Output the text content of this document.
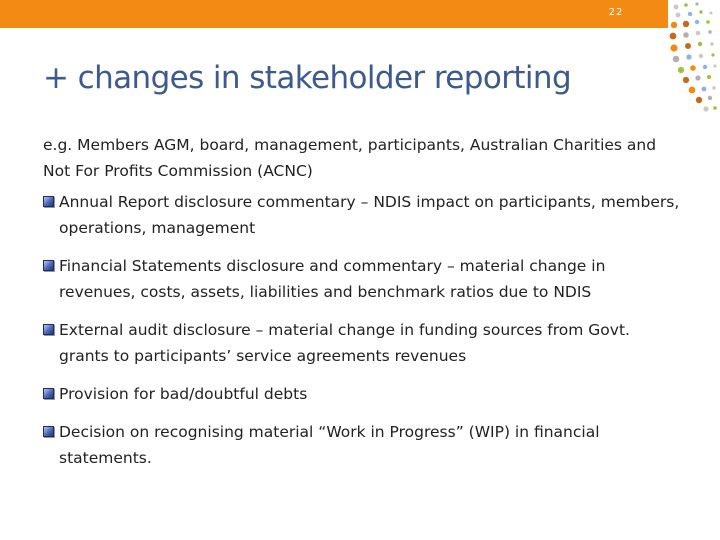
22
+ changes in stakeholder reporting

e.g. Members AGM, board, management, participants, Australian Charities and Not For Profits Commission (ACNC)

Annual Report disclosure commentary – NDIS impact on participants, members, operations, management
Financial Statements disclosure and commentary – material change in revenues, costs, assets, liabilities and benchmark ratios due to NDIS
External audit disclosure – material change in funding sources from Govt. grants to participants’ service agreements revenues
Provision for bad/doubtful debts
Decision on recognising material “Work in Progress” (WIP) in financial statements.
